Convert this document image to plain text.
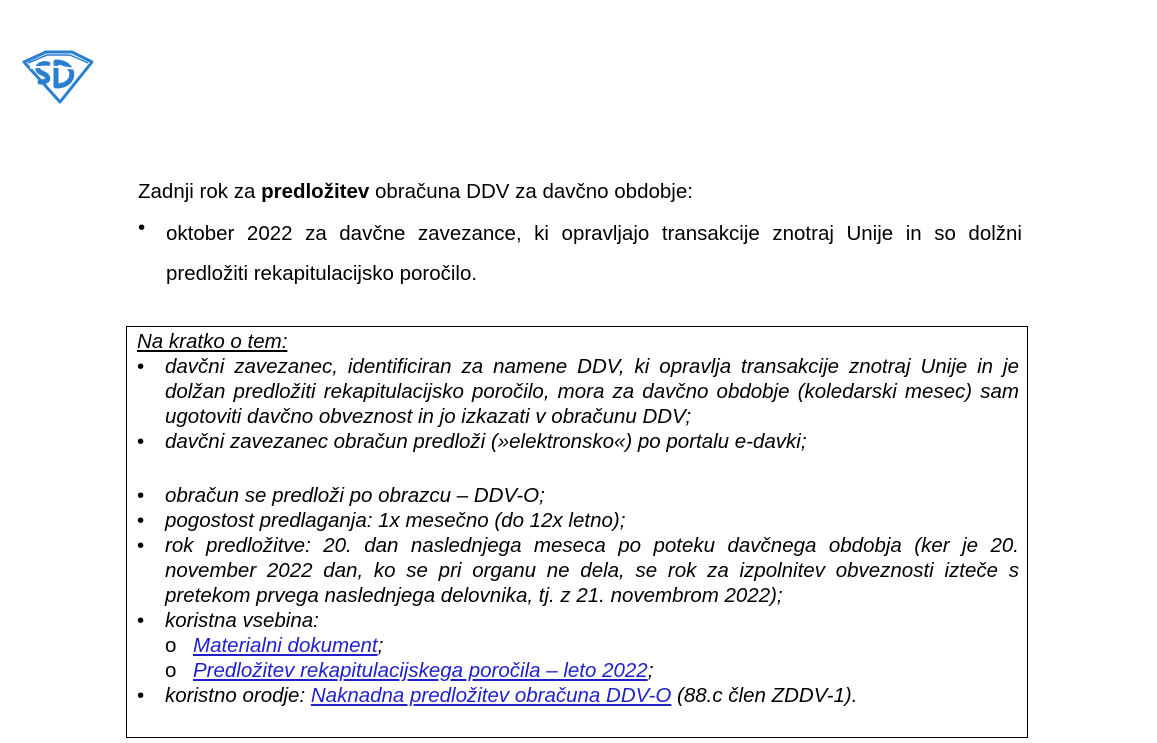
Zadnji rok za predložitev obračuna DDV za davčno obdobje:
• oktober 2022 za davčne zavezance, ki opravljajo transakcije znotraj Unije in so dolžni predložiti rekapitulacijsko poročilo.
Na kratko o tem:
• davčni zavezanec, identificiran za namene DDV, ki opravlja transakcije znotraj Unije in je dolžan predložiti rekapitulacijsko poročilo, mora za davčno obdobje (koledarski mesec) sam ugotoviti davčno obveznost in jo izkazati v obračunu DDV;
• davčni zavezanec obračun predloži (»elektronsko«) po portalu e-davki;
• obračun se predloži po obrazcu – DDV-O;
• pogostost predlaganja: 1x mesečno (do 12x letno);
• rok predložitve: 20. dan naslednjega meseca po poteku davčnega obdobja (ker je 20. november 2022 dan, ko se pri organu ne dela, se rok za izpolnitev obveznosti izteče s pretekom prvega naslednjega delovnika, tj. z 21. novembrom 2022);
• koristna vsebina:
o Materialni dokument;
o Predložitev rekapitulacijskega poročila – leto 2022;
• koristno orodje: Naknadna predložitev obračuna DDV-O (88.c člen ZDDV-1).
